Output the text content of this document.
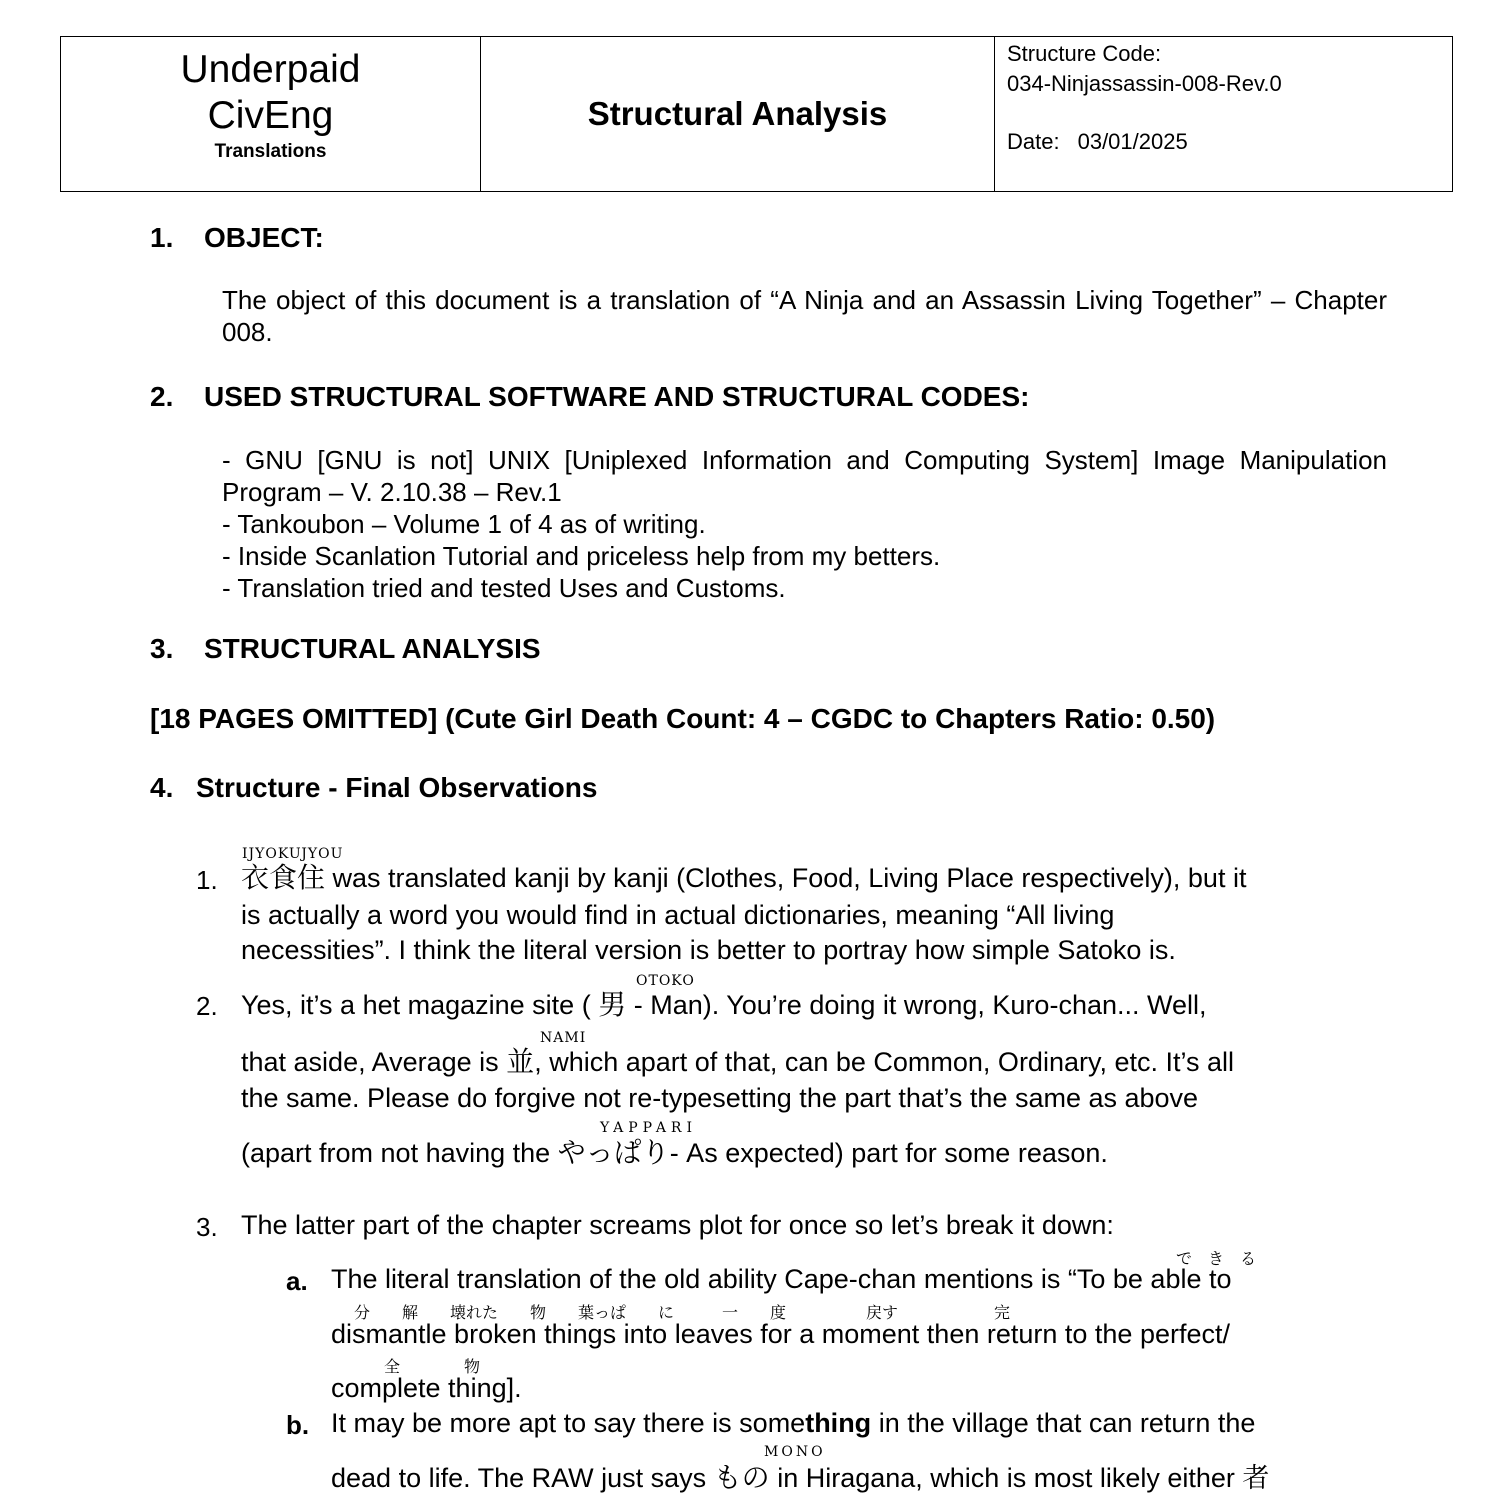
Underpaid
CivEng
Translations
Structural Analysis
Structure Code:
034-Ninjassassin-008-Rev.0
Date: 03/01/2025
1. OBJECT:
The object of this document is a translation of “A Ninja and an Assassin Living Together” – Chapter 008.
2. USED STRUCTURAL SOFTWARE AND STRUCTURAL CODES:
- GNU [GNU is not] UNIX [Uniplexed Information and Computing System] Image Manipulation Program – V. 2.10.38 – Rev.1
- Tankoubon – Volume 1 of 4 as of writing.
- Inside Scanlation Tutorial and priceless help from my betters.
- Translation tried and tested Uses and Customs.
3. STRUCTURAL ANALYSIS
[18 PAGES OMITTED] (Cute Girl Death Count: 4 – CGDC to Chapters Ratio: 0.50)
4. Structure - Final Observations
IJYOKUJYOU
1. 衣食住 was translated kanji by kanji (Clothes, Food, Living Place respectively), but it
is actually a word you would find in actual dictionaries, meaning “All living
necessities”. I think the literal version is better to portray how simple Satoko is.
OTOKO
2. Yes, it’s a het magazine site ( 男 - Man). You’re doing it wrong, Kuro-chan... Well,
NAMI
that aside, Average is 並, which apart of that, can be Common, Ordinary, etc. It’s all
the same. Please do forgive not re-typesetting the part that’s the same as above
YAPPARI
(apart from not having the やっぱり- As expected) part for some reason.
3. The latter part of the chapter screams plot for once so let’s break it down:
で　き　る
a. The literal translation of the old ability Cape-chan mentions is “To be able to
分　　解　　壊れた　　物　　葉っぱ　　に　　　一　　度　　　　　戻す　　　　　　完
dismantle broken things into leaves for a moment then return to the perfect/
全　　　　物
complete thing].
b. It may be more apt to say there is something in the village that can return the
MONO
dead to life. The RAW just says もの in Hiragana, which is most likely either 者
